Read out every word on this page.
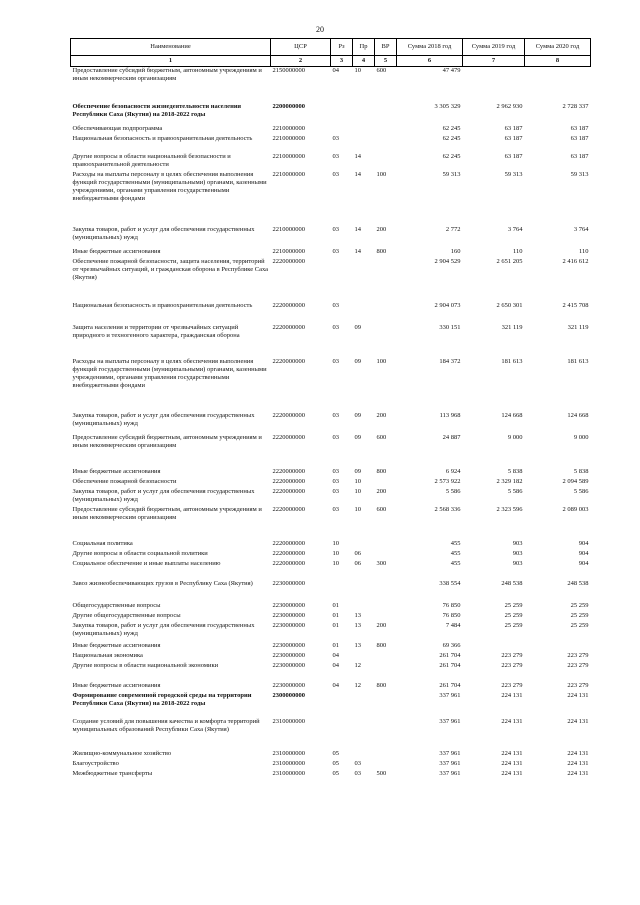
20
Наименование	ЦСР	Рз	Пр	ВР	Сумма 2018 год	Сумма 2019 год	Сумма 2020 год
1	2	3	4	5	6	7	8
Предоставление субсидий бюджетным, автономным учреждениям и иным некоммерческим организациям	2150000000	04	10	600	47 479		
Обеспечение безопасности жизнедеятельности населения Республики Саха (Якутия) на 2018-2022 годы	2200000000				3 305 329	2 962 930	2 728 337
Обеспечивающая подпрограмма	2210000000				62 245	63 187	63 187
Национальная безопасность и правоохранительная деятельность	2210000000	03			62 245	63 187	63 187
Другие вопросы в области национальной безопасности и правоохранительной деятельности	2210000000	03	14		62 245	63 187	63 187
Расходы на выплаты персоналу в целях обеспечения выполнения функций государственными (муниципальными) органами, казенными учреждениями, органами управления государственными внебюджетными фондами	2210000000	03	14	100	59 313	59 313	59 313
Закупка товаров, работ и услуг для обеспечения государственных (муниципальных) нужд	2210000000	03	14	200	2 772	3 764	3 764
Иные бюджетные ассигнования	2210000000	03	14	800	160	110	110
Обеспечение пожарной безопасности, защита населения, территорий от чрезвычайных ситуаций, и гражданская оборона в Республике Саха (Якутия)	2220000000				2 904 529	2 651 205	2 416 612
Национальная безопасность и правоохранительная деятельность	2220000000	03			2 904 073	2 650 301	2 415 708
Защита населения и территории от чрезвычайных ситуаций природного и техногенного характера, гражданская оборона	2220000000	03	09		330 151	321 119	321 119
Расходы на выплаты персоналу в целях обеспечения выполнения функций государственными (муниципальными) органами, казенными учреждениями, органами управления государственными внебюджетными фондами	2220000000	03	09	100	184 372	181 613	181 613
Закупка товаров, работ и услуг для обеспечения государственных (муниципальных) нужд	2220000000	03	09	200	113 968	124 668	124 668
Предоставление субсидий бюджетным, автономным учреждениям и иным некоммерческим организациям	2220000000	03	09	600	24 887	9 000	9 000
Иные бюджетные ассигнования	2220000000	03	09	800	6 924	5 838	5 838
Обеспечение пожарной безопасности	2220000000	03	10		2 573 922	2 329 182	2 094 589
Закупка товаров, работ и услуг для обеспечения государственных (муниципальных) нужд	2220000000	03	10	200	5 586	5 586	5 586
Предоставление субсидий бюджетным, автономным учреждениям и иным некоммерческим организациям	2220000000	03	10	600	2 568 336	2 323 596	2 089 003
Социальная политика	2220000000	10			455	903	904
Другие вопросы в области социальной политики	2220000000	10	06		455	903	904
Социальное обеспечение и иные выплаты населению	2220000000	10	06	300	455	903	904
Завоз жизнеобеспечивающих грузов в Республику Саха (Якутия)	2230000000				338 554	248 538	248 538
Общегосударственные вопросы	2230000000	01			76 850	25 259	25 259
Другие общегосударственные вопросы	2230000000	01	13		76 850	25 259	25 259
Закупка товаров, работ и услуг для обеспечения государственных (муниципальных) нужд	2230000000	01	13	200	7 484	25 259	25 259
Иные бюджетные ассигнования	2230000000	01	13	800	69 366		
Национальная экономика	2230000000	04			261 704	223 279	223 279
Другие вопросы в области национальной экономики	2230000000	04	12		261 704	223 279	223 279
Иные бюджетные ассигнования	2230000000	04	12	800	261 704	223 279	223 279
Формирование современной городской среды на территории Республики Саха (Якутия) на 2018-2022 годы	2300000000				337 961	224 131	224 131
Создание условий для повышения качества и комфорта территорий муниципальных образований Республики Саха (Якутия)	2310000000				337 961	224 131	224 131
Жилищно-коммунальное хозяйство	2310000000	05			337 961	224 131	224 131
Благоустройство	2310000000	05	03		337 961	224 131	224 131
Межбюджетные трансферты	2310000000	05	03	500	337 961	224 131	224 131
